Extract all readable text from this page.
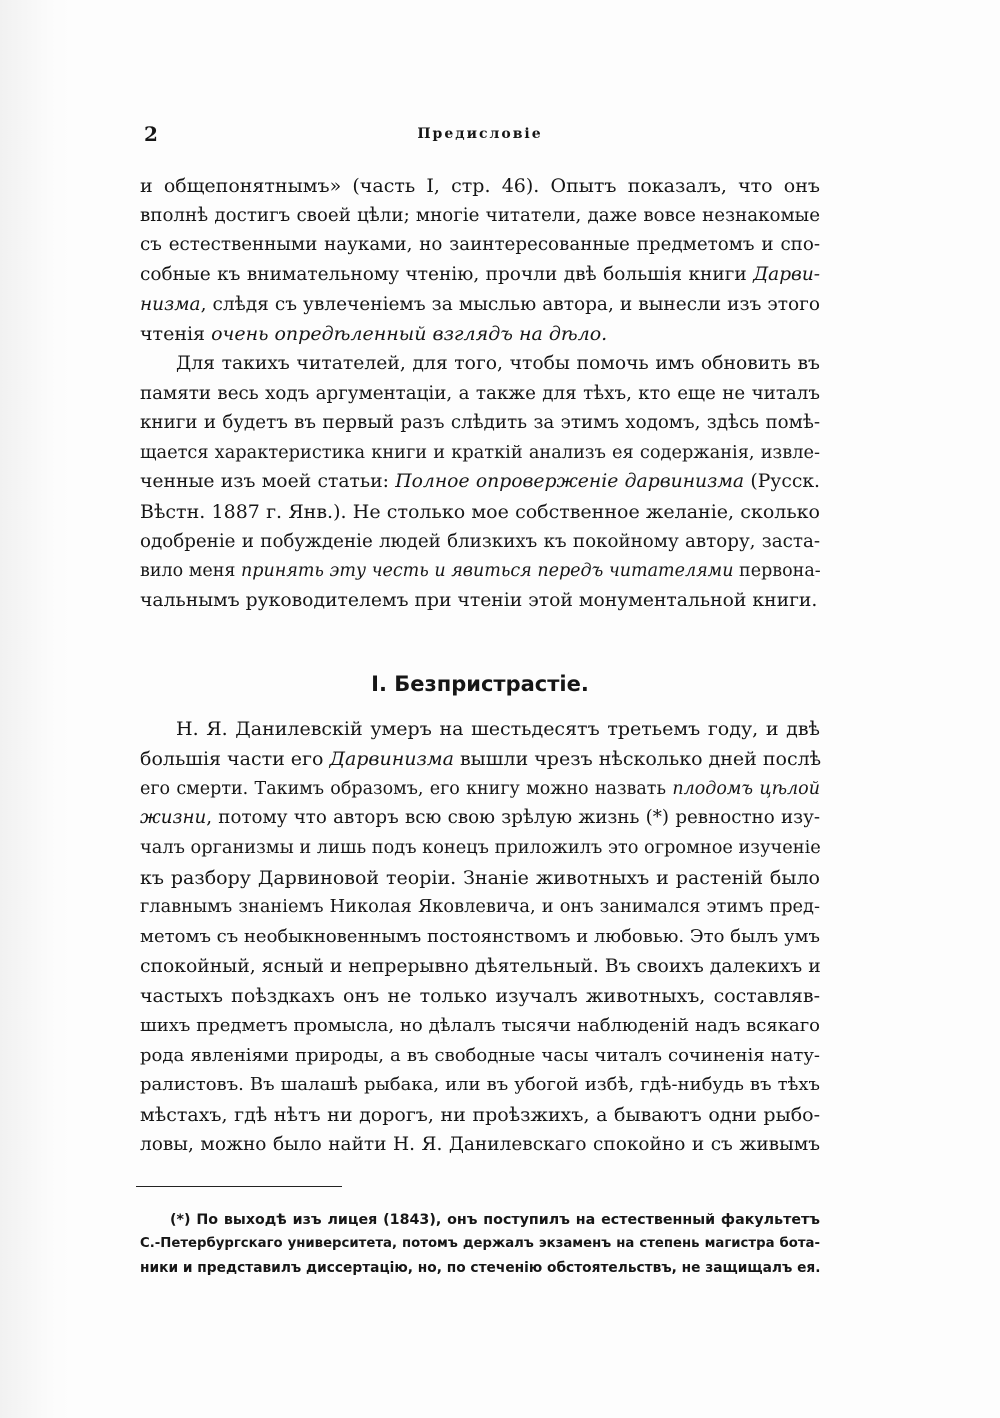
2	Предисловіе
и общепонятнымъ» (часть I, стр. 46). Опытъ показалъ, что онъ
вполнѣ достигъ своей цѣли; многіе читатели, даже вовсе незнакомые
съ естественными науками, но заинтересованные предметомъ и спо-
собные къ внимательному чтенію, прочли двѣ большія книги Дарви-
низма, слѣдя съ увлеченіемъ за мыслью автора, и вынесли изъ этого
чтенія очень опредѣленный взглядъ на дѣло.
Для такихъ читателей, для того, чтобы помочь имъ обновить въ
памяти весь ходъ аргументаціи, а также для тѣхъ, кто еще не читалъ
книги и будетъ въ первый разъ слѣдить за этимъ ходомъ, здѣсь помѣ-
щается характеристика книги и краткій анализъ ея содержанія, извле-
ченные изъ моей статьи: Полное опроверженіе дарвинизма (Русск.
Вѣстн. 1887 г. Янв.). Не столько мое собственное желаніе, сколько
одобреніе и побужденіе людей близкихъ къ покойному автору, заста-
вило меня принять эту честь и явиться передъ читателями первона-
чальнымъ руководителемъ при чтеніи этой монументальной книги.
I. Безпристрастіе.
Н. Я. Данилевскій умеръ на шестьдесятъ третьемъ году, и двѣ
большія части его Дарвинизма вышли чрезъ нѣсколько дней послѣ
его смерти. Такимъ образомъ, его книгу можно назвать плодомъ цѣлой
жизни, потому что авторъ всю свою зрѣлую жизнь (*) ревностно изу-
чалъ организмы и лишь подъ конецъ приложилъ это огромное изученіе
къ разбору Дарвиновой теоріи. Знаніе животныхъ и растеній было
главнымъ знаніемъ Николая Яковлевича, и онъ занимался этимъ пред-
метомъ съ необыкновеннымъ постоянствомъ и любовью. Это былъ умъ
спокойный, ясный и непрерывно дѣятельный. Въ своихъ далекихъ и
частыхъ поѣздкахъ онъ не только изучалъ животныхъ, составляв-
шихъ предметъ промысла, но дѣлалъ тысячи наблюденій надъ всякаго
рода явленіями природы, а въ свободные часы читалъ сочиненія нату-
ралистовъ. Въ шалашѣ рыбака, или въ убогой избѣ, гдѣ-нибудь въ тѣхъ
мѣстахъ, гдѣ нѣтъ ни дорогъ, ни проѣзжихъ, а бываютъ одни рыбо-
ловы, можно было найти Н. Я. Данилевскаго спокойно и съ живымъ
(*) По выходѣ изъ лицея (1843), онъ поступилъ на естественный факультетъ
С.-Петербургскаго университета, потомъ держалъ экзаменъ на степень магистра бота-
ники и представилъ диссертацію, но, по стеченію обстоятельствъ, не защищалъ ея.
